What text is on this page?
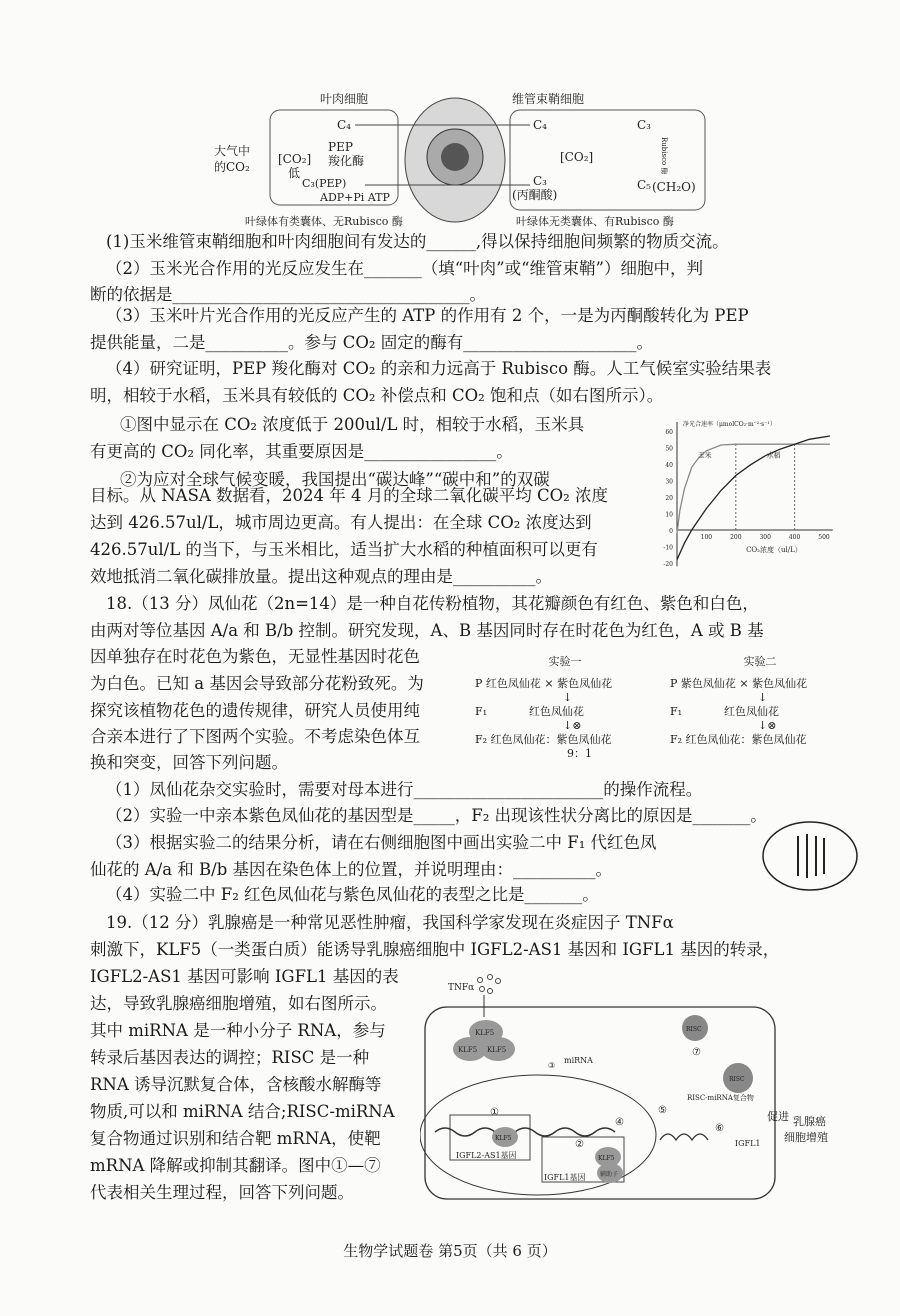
叶肉细胞	维管束鞘细胞
大气中
的CO₂
[CO₂]
低
C₄
PEP
羧化酶
C₃(PEP)
ADP+Pi ATP
C₄
[CO₂]
C₃
(丙酮酸)
C₃
C₅ (CH₂O)
Rubisco 酶
叶绿体有类囊体、无Rubisco 酶	叶绿体无类囊体、有Rubisco 酶
(1)玉米维管束鞘细胞和叶肉细胞间有发达的______,得以保持细胞间频繁的物质交流。
（2）玉米光合作用的光反应发生在_______（填“叶肉”或“维管束鞘”）细胞中，判
断的依据是____________________________________。
（3）玉米叶片光合作用的光反应产生的 ATP 的作用有 2 个，一是为丙酮酸转化为 PEP
提供能量，二是__________。参与 CO₂ 固定的酶有_____________________。
（4）研究证明，PEP 羧化酶对 CO₂ 的亲和力远高于 Rubisco 酶。人工气候室实验结果表
明，相较于水稻，玉米具有较低的 CO₂ 补偿点和 CO₂ 饱和点（如右图所示）。
①图中显示在 CO₂ 浓度低于 200ul/L 时，相较于水稻，玉米具
有更高的 CO₂ 同化率，其重要原因是________________。
②为应对全球气候变暖，我国提出“碳达峰”“碳中和”的双碳
目标。从 NASA 数据看，2024 年 4 月的全球二氧化碳平均 CO₂ 浓度
达到 426.57ul/L，城市周边更高。有人提出：在全球 CO₂ 浓度达到
426.57ul/L 的当下，与玉米相比，适当扩大水稻的种植面积可以更有
效地抵消二氧化碳排放量。提出这种观点的理由是__________。
-20
-10
0
10
20
30
40
50
60
100	200	300	400	500
净光合速率（μmolCO₂·m⁻²·s⁻¹）
CO₂浓度（ul/L）
玉米	水稻
18.（13 分）凤仙花（2n=14）是一种自花传粉植物，其花瓣颜色有红色、紫色和白色，
由两对等位基因 A/a 和 B/b 控制。研究发现，A、B 基因同时存在时花色为红色，A 或 B 基
因单独存在时花色为紫色，无显性基因时花色
为白色。已知 a 基因会导致部分花粉致死。为
探究该植物花色的遗传规律，研究人员使用纯
合亲本进行了下图两个实验。不考虑染色体互
换和突变，回答下列问题。
实验一
P 红色凤仙花 × 紫色凤仙花
↓
F₁	红色凤仙花
↓⊗
F₂ 红色凤仙花：紫色凤仙花
9：1
实验二
P 紫色凤仙花 × 紫色凤仙花
↓
F₁	红色凤仙花
↓⊗
F₂ 红色凤仙花：紫色凤仙花
（1）凤仙花杂交实验时，需要对母本进行_______________________的操作流程。
（2）实验一中亲本紫色凤仙花的基因型是_____，F₂ 出现该性状分离比的原因是_______。
（3）根据实验二的结果分析，请在右侧细胞图中画出实验二中 F₁ 代红色凤
仙花的 A/a 和 B/b 基因在染色体上的位置，并说明理由：__________。
（4）实验二中 F₂ 红色凤仙花与紫色凤仙花的表型之比是_______。
19.（12 分）乳腺癌是一种常见恶性肿瘤，我国科学家发现在炎症因子 TNFα
刺激下，KLF5（一类蛋白质）能诱导乳腺癌细胞中 IGFL2-AS1 基因和 IGFL1 基因的转录，
IGFL2-AS1 基因可影响 IGFL1 基因的表
达，导致乳腺癌细胞增殖，如右图所示。
其中 miRNA 是一种小分子 RNA，参与
转录后基因表达的调控；RISC 是一种
RNA 诱导沉默复合体，含核酸水解酶等
物质,可以和 miRNA 结合;RISC-miRNA
复合物通过识别和结合靶 mRNA，使靶
mRNA 降解或抑制其翻译。图中①—⑦
代表相关生理过程，回答下列问题。
TNFα
KLF5
KLF5 KLF5
IGFL2-AS1基因
IGFL1基因
KLF5
KLF5
辅助子
miRNA
③
①
②
④
⑤
⑥
⑦
RISC
RISC
RISC-miRNA复合物
IGFL1
促进 乳腺癌
细胞增殖
生物学试题卷 第5页（共 6 页）
